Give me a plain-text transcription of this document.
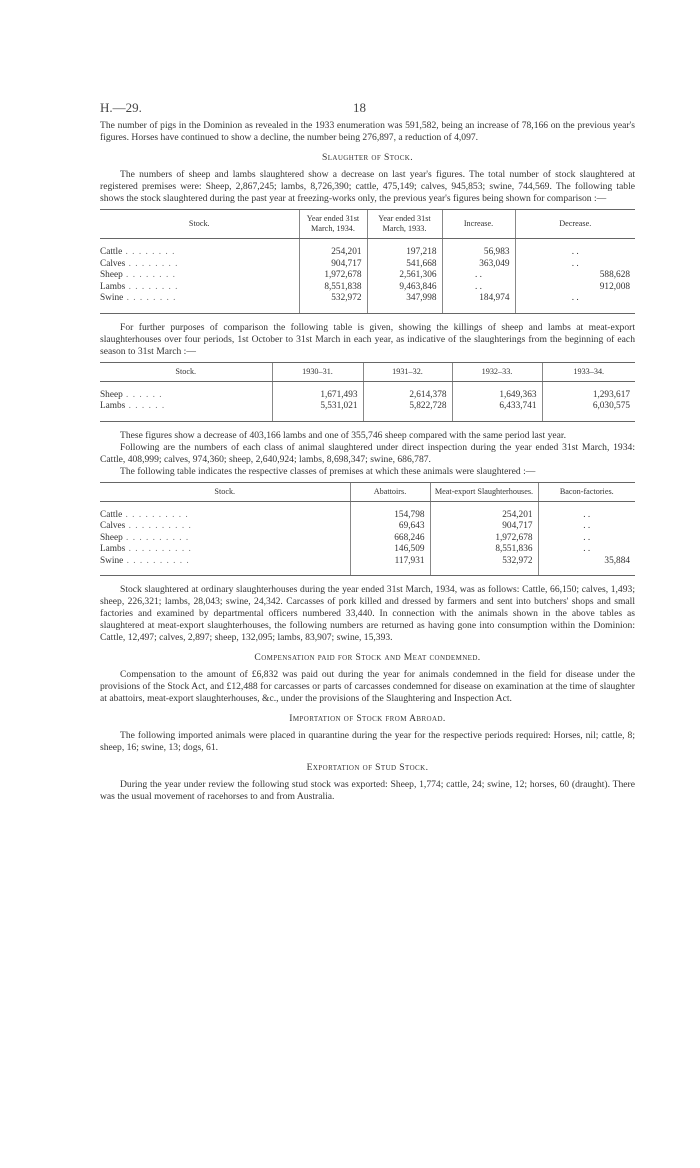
H.—29.	18

The number of pigs in the Dominion as revealed in the 1933 enumeration was 591,582, being an increase of 78,166 on the previous year's figures. Horses have continued to show a decline, the number being 276,897, a reduction of 4,097.

Slaughter of Stock.

The numbers of sheep and lambs slaughtered show a decrease on last year's figures. The total number of stock slaughtered at registered premises were: Sheep, 2,867,245; lambs, 8,726,390; cattle, 475,149; calves, 945,853; swine, 744,569. The following table shows the stock slaughtered during the past year at freezing-works only, the previous year's figures being shown for comparison :—

Stock.	Year ended 31st March, 1934.	Year ended 31st March, 1933.	Increase.	Decrease.

Cattle . . . . . . . .	254,201	197,218	56,983	. .
Calves . . . . . . . .	904,717	541,668	363,049	. .
Sheep . . . . . . . .	1,972,678	2,561,306	. .	588,628
Lambs . . . . . . . .	8,551,838	9,463,846	. .	912,008
Swine . . . . . . . .	532,972	347,998	184,974	. .

For further purposes of comparison the following table is given, showing the killings of sheep and lambs at meat-export slaughterhouses over four periods, 1st October to 31st March in each year, as indicative of the slaughterings from the beginning of each season to 31st March :—

Stock.	1930–31.	1931–32.	1932–33.	1933–34.

Sheep . . . . . .	1,671,493	2,614,378	1,649,363	1,293,617
Lambs . . . . . .	5,531,021	5,822,728	6,433,741	6,030,575

These figures show a decrease of 403,166 lambs and one of 355,746 sheep compared with the same period last year.

Following are the numbers of each class of animal slaughtered under direct inspection during the year ended 31st March, 1934: Cattle, 408,999; calves, 974,360; sheep, 2,640,924; lambs, 8,698,347; swine, 686,787.

The following table indicates the respective classes of premises at which these animals were slaughtered :—

Stock.	Abattoirs.	Meat-export Slaughterhouses.	Bacon-factories.

Cattle . . . . . . . . . .	154,798	254,201	. .
Calves . . . . . . . . . .	69,643	904,717	. .
Sheep . . . . . . . . . .	668,246	1,972,678	. .
Lambs . . . . . . . . . .	146,509	8,551,836	. .
Swine . . . . . . . . . .	117,931	532,972	35,884

Stock slaughtered at ordinary slaughterhouses during the year ended 31st March, 1934, was as follows: Cattle, 66,150; calves, 1,493; sheep, 226,321; lambs, 28,043; swine, 24,342. Carcasses of pork killed and dressed by farmers and sent into butchers' shops and small factories and examined by departmental officers numbered 33,440. In connection with the animals shown in the above tables as slaughtered at meat-export slaughterhouses, the following numbers are returned as having gone into consumption within the Dominion: Cattle, 12,497; calves, 2,897; sheep, 132,095; lambs, 83,907; swine, 15,393.

Compensation paid for Stock and Meat condemned.

Compensation to the amount of £6,832 was paid out during the year for animals condemned in the field for disease under the provisions of the Stock Act, and £12,488 for carcasses or parts of carcasses condemned for disease on examination at the time of slaughter at abattoirs, meat-export slaughterhouses, &c., under the provisions of the Slaughtering and Inspection Act.

Importation of Stock from Abroad.

The following imported animals were placed in quarantine during the year for the respective periods required: Horses, nil; cattle, 8; sheep, 16; swine, 13; dogs, 61.

Exportation of Stud Stock.

During the year under review the following stud stock was exported: Sheep, 1,774; cattle, 24; swine, 12; horses, 60 (draught). There was the usual movement of racehorses to and from Australia.
